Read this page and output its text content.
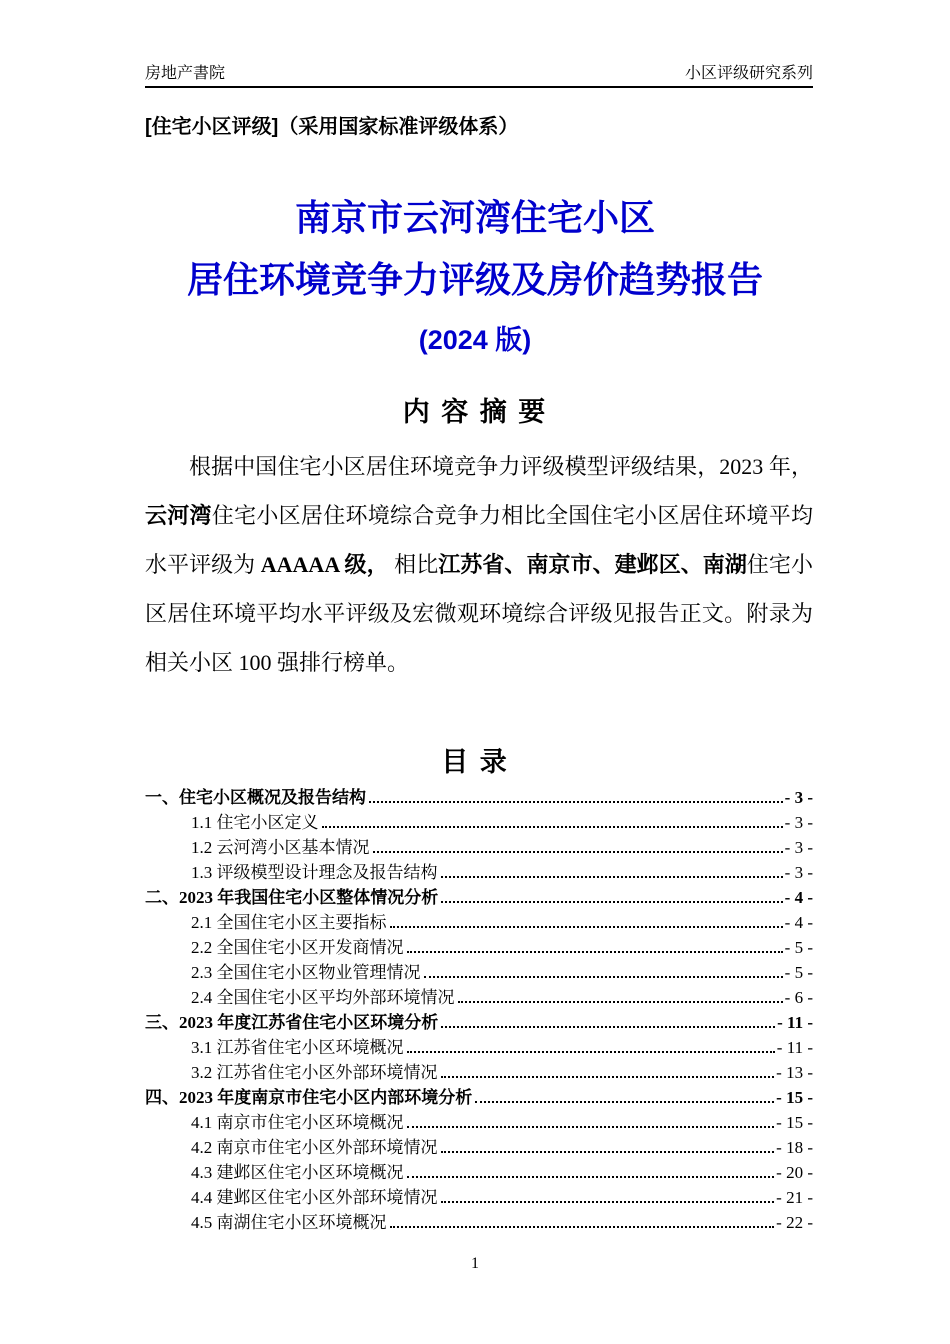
房地产書院	小区评级研究系列
[住宅小区评级]（采用国家标准评级体系）
南京市云河湾住宅小区
居住环境竞争力评级及房价趋势报告
(2024 版)
内 容 摘 要
根据中国住宅小区居住环境竞争力评级模型评级结果，2023 年，云河湾住宅小区居住环境综合竞争力相比全国住宅小区居住环境平均水平评级为 AAAAA 级， 相比江苏省、南京市、建邺区、南湖住宅小区居住环境平均水平评级及宏微观环境综合评级见报告正文。附录为相关小区 100 强排行榜单。
目 录
一、住宅小区概况及报告结构	- 3 -
1.1 住宅小区定义	- 3 -
1.2 云河湾小区基本情况	- 3 -
1.3 评级模型设计理念及报告结构	- 3 -
二、2023 年我国住宅小区整体情况分析	- 4 -
2.1 全国住宅小区主要指标	- 4 -
2.2 全国住宅小区开发商情况	- 5 -
2.3 全国住宅小区物业管理情况	- 5 -
2.4 全国住宅小区平均外部环境情况	- 6 -
三、2023 年度江苏省住宅小区环境分析	- 11 -
3.1 江苏省住宅小区环境概况	- 11 -
3.2 江苏省住宅小区外部环境情况	- 13 -
四、2023 年度南京市住宅小区内部环境分析	- 15 -
4.1 南京市住宅小区环境概况	- 15 -
4.2 南京市住宅小区外部环境情况	- 18 -
4.3 建邺区住宅小区环境概况	- 20 -
4.4 建邺区住宅小区外部环境情况	- 21 -
4.5 南湖住宅小区环境概况	- 22 -
1
